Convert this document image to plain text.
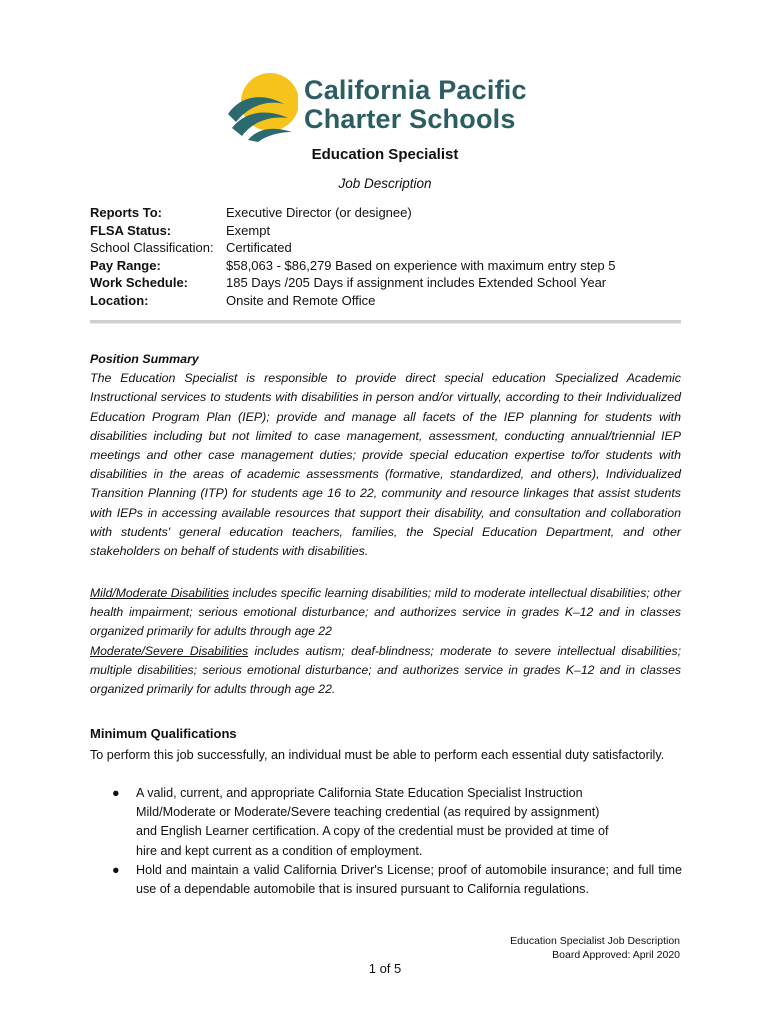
California Pacific
Charter Schools
Education Specialist
Job Description
Reports To:	Executive Director (or designee)
FLSA Status:	Exempt
School Classification: Certificated
Pay Range:	$58,063 - $86,279 Based on experience with maximum entry step 5
Work Schedule:	185 Days /205 Days if assignment includes Extended School Year
Location:	Onsite and Remote Office
Position Summary
The Education Specialist is responsible to provide direct special education Specialized Academic Instructional services to students with disabilities in person and/or virtually, according to their Individualized Education Program Plan (IEP); provide and manage all facets of the IEP planning for students with disabilities including but not limited to case management, assessment, conducting annual/triennial IEP meetings and other case management duties; provide special education expertise to/for students with disabilities in the areas of academic assessments (formative, standardized, and others), Individualized Transition Planning (ITP) for students age 16 to 22, community and resource linkages that assist students with IEPs in accessing available resources that support their disability, and consultation and collaboration with students' general education teachers, families, the Special Education Department, and other stakeholders on behalf of students with disabilities.
Mild/Moderate Disabilities includes specific learning disabilities; mild to moderate intellectual disabilities; other health impairment; serious emotional disturbance; and authorizes service in grades K–12 and in classes organized primarily for adults through age 22
Moderate/Severe Disabilities includes autism; deaf-blindness; moderate to severe intellectual disabilities; multiple disabilities; serious emotional disturbance; and authorizes service in grades K–12 and in classes organized primarily for adults through age 22.
Minimum Qualifications
To perform this job successfully, an individual must be able to perform each essential duty satisfactorily.
● A valid, current, and appropriate California State Education Specialist Instruction
Mild/Moderate or Moderate/Severe teaching credential (as required by assignment)
and English Learner certification. A copy of the credential must be provided at time of
hire and kept current as a condition of employment.
● Hold and maintain a valid California Driver's License; proof of automobile insurance; and full time use of a dependable automobile that is insured pursuant to California regulations.
Education Specialist Job Description
Board Approved: April 2020
1 of 5
